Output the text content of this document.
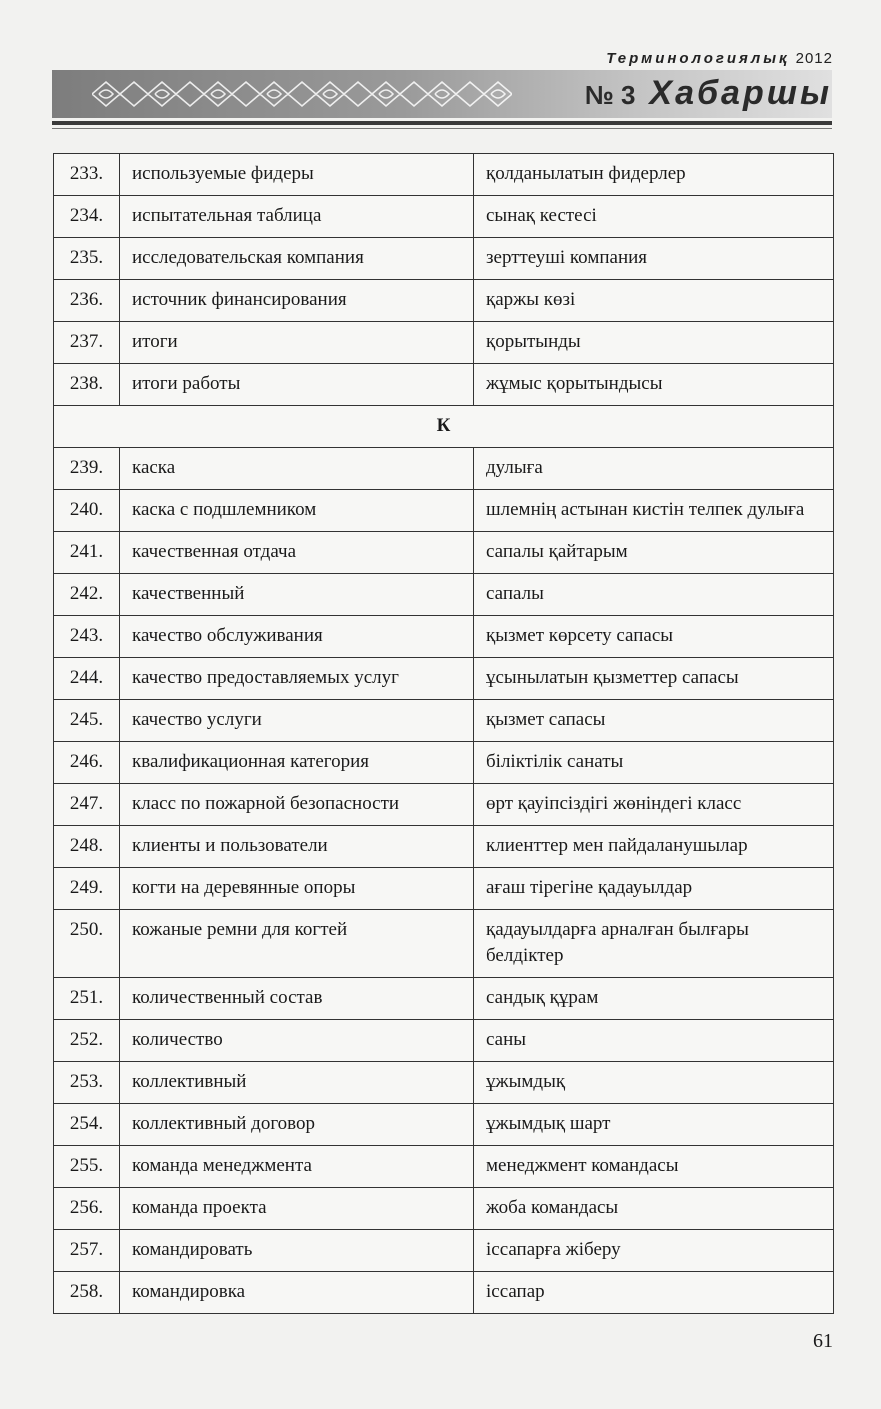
Терминологиялық 2012
№ 3 Хабаршы
233.	используемые фидеры	қолданылатын фидерлер
234.	испытательная таблица	сынақ кестесі
235.	исследовательская компания	зерттеуші компания
236.	источник финансирования	қаржы көзі
237.	итоги	қорытынды
238.	итоги работы	жұмыс қорытындысы
К		
239.	каска	дулыға
240.	каска с подшлемником	шлемнің астынан кистін телпек дулыға
241.	качественная отдача	сапалы қайтарым
242.	качественный	сапалы
243.	качество обслуживания	қызмет көрсету сапасы
244.	качество предоставляемых услуг	ұсынылатын қызметтер сапасы
245.	качество услуги	қызмет сапасы
246.	квалификационная категория	біліктілік санаты
247.	класс по пожарной безопасности	өрт қауіпсіздігі жөніндегі класс
248.	клиенты и пользователи	клиенттер мен пайдаланушылар
249.	когти на деревянные опоры	ағаш тірегіне қадауылдар
250.	кожаные ремни для когтей	қадауылдарға арналған былғары белдіктер
251.	количественный состав	сандық құрам
252.	количество	саны
253.	коллективный	ұжымдық
254.	коллективный договор	ұжымдық шарт
255.	команда менеджмента	менеджмент командасы
256.	команда проекта	жоба командасы
257.	командировать	іссапарға жіберу
258.	командировка	іссапар
61
